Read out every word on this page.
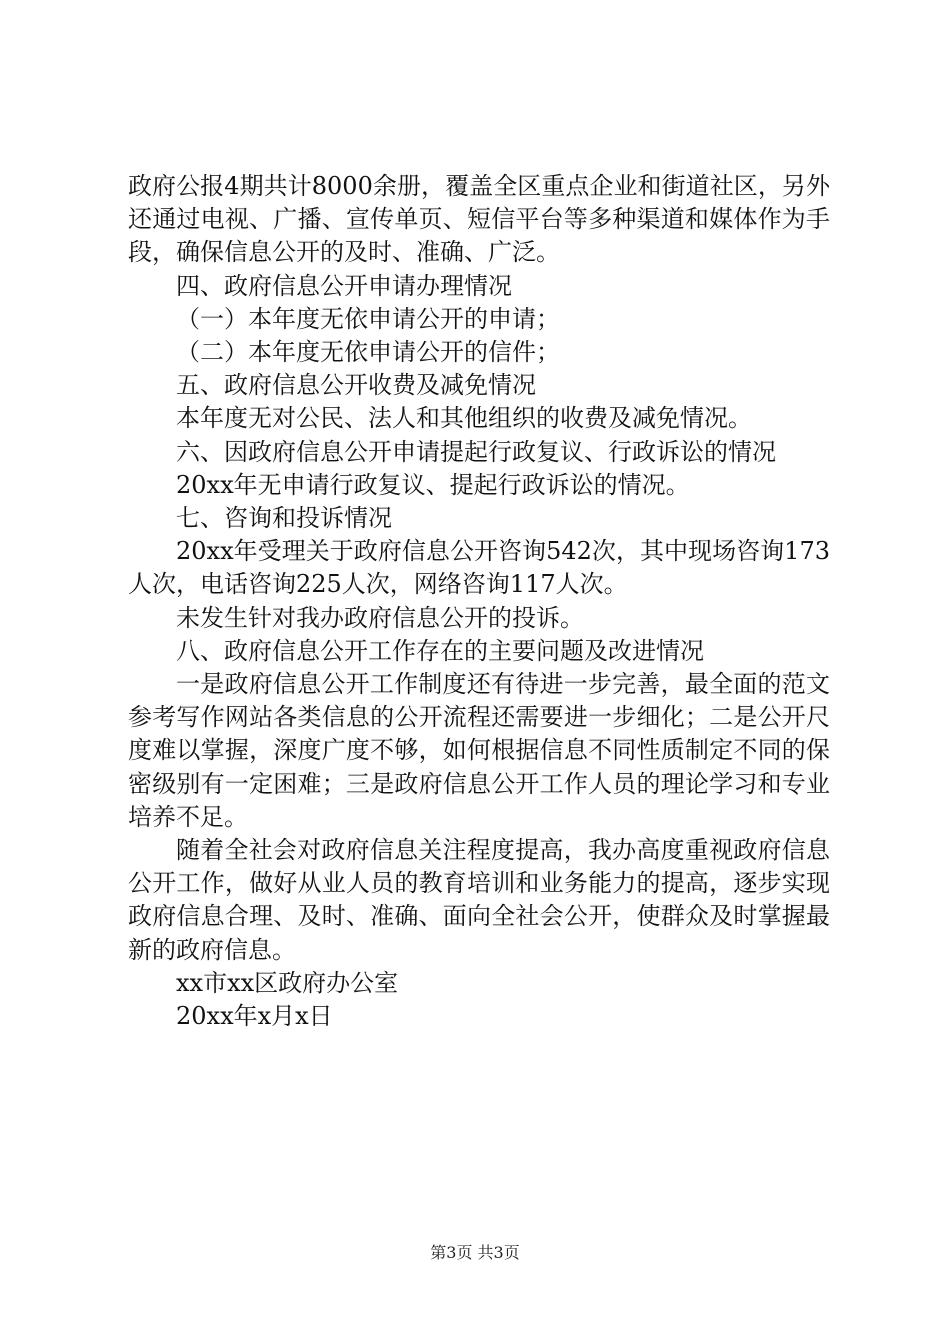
政府公报4期共计8000余册，覆盖全区重点企业和街道社区，另外还通过电视、广播、宣传单页、短信平台等多种渠道和媒体作为手段，确保信息公开的及时、准确、广泛。

四、政府信息公开申请办理情况

（一）本年度无依申请公开的申请；

（二）本年度无依申请公开的信件；

五、政府信息公开收费及减免情况

本年度无对公民、法人和其他组织的收费及减免情况。

六、因政府信息公开申请提起行政复议、行政诉讼的情况

20xx年无申请行政复议、提起行政诉讼的情况。

七、咨询和投诉情况

20xx年受理关于政府信息公开咨询542次，其中现场咨询173人次，电话咨询225人次，网络咨询117人次。

未发生针对我办政府信息公开的投诉。

八、政府信息公开工作存在的主要问题及改进情况

一是政府信息公开工作制度还有待进一步完善，最全面的范文参考写作网站各类信息的公开流程还需要进一步细化；二是公开尺度难以掌握，深度广度不够，如何根据信息不同性质制定不同的保密级别有一定困难；三是政府信息公开工作人员的理论学习和专业培养不足。

随着全社会对政府信息关注程度提高，我办高度重视政府信息公开工作，做好从业人员的教育培训和业务能力的提高，逐步实现政府信息合理、及时、准确、面向全社会公开，使群众及时掌握最新的政府信息。

xx市xx区政府办公室

20xx年x月x日

第3页 共3页
